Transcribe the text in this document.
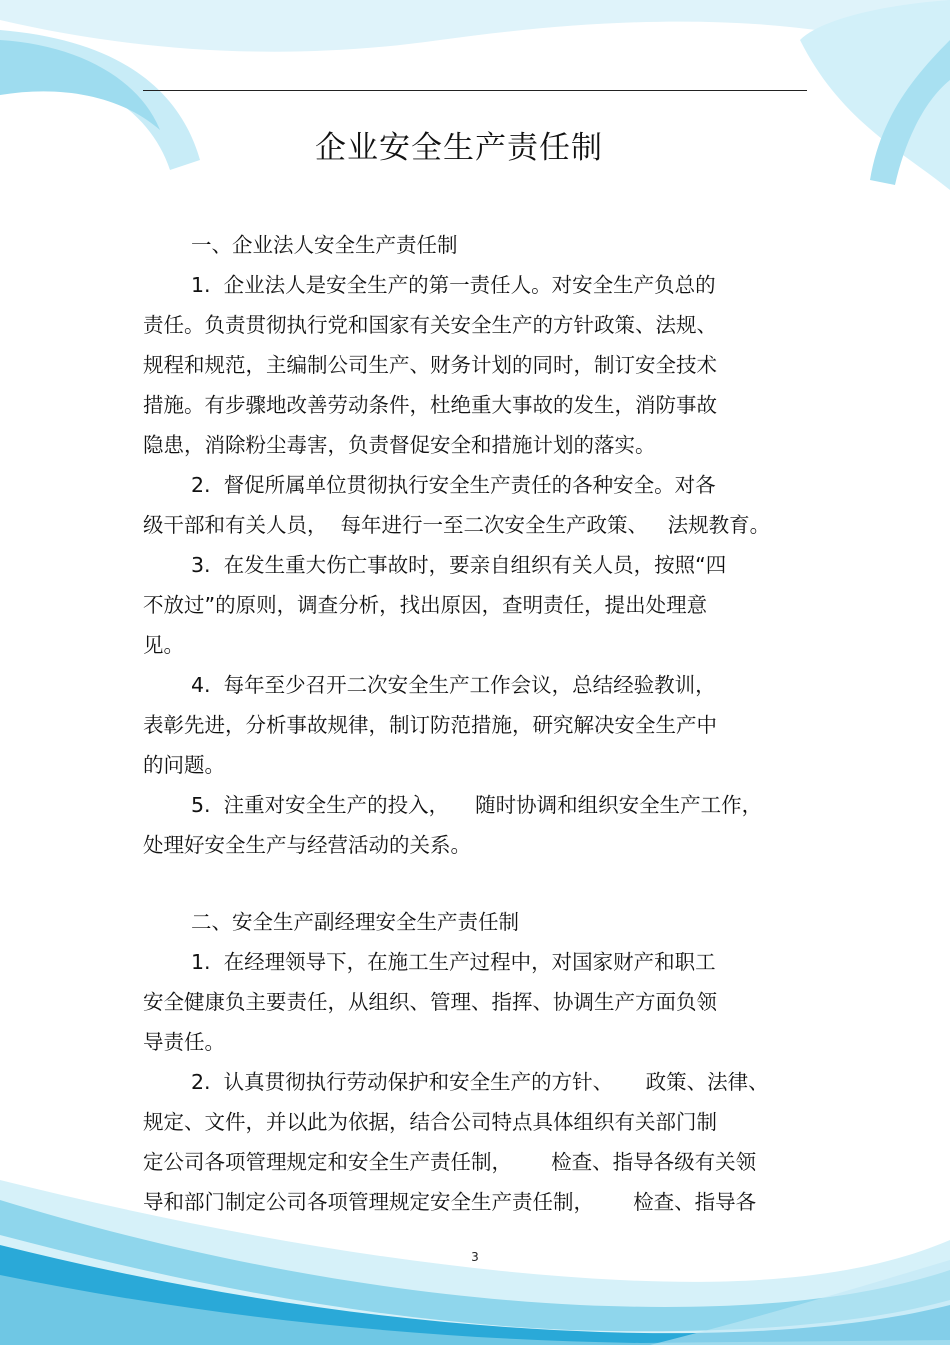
企业安全生产责任制
一、企业法人安全生产责任制
1.  企业法人是安全生产的第一责任人。对安全生产负总的
责任。负责贯彻执行党和国家有关安全生产的方针政策、法规、
规程和规范，主编制公司生产、财务计划的同时，制订安全技术
措施。有步骤地改善劳动条件，杜绝重大事故的发生，消防事故
隐患，消除粉尘毒害，负责督促安全和措施计划的落实。
2.  督促所属单位贯彻执行安全生产责任的各种安全。对各
级干部和有关人员，  每年进行一至二次安全生产政策、   法规教育。
3.  在发生重大伤亡事故时，要亲自组织有关人员，按照“四
不放过”的原则，调查分析，找出原因，查明责任，提出处理意
见。
4.  每年至少召开二次安全生产工作会议，总结经验教训，
表彰先进，分析事故规律，制订防范措施，研究解决安全生产中
的问题。
5.  注重对安全生产的投入，    随时协调和组织安全生产工作，
处理好安全生产与经营活动的关系。
二、安全生产副经理安全生产责任制
1.  在经理领导下，在施工生产过程中，对国家财产和职工
安全健康负主要责任，从组织、管理、指挥、协调生产方面负领
导责任。
2.  认真贯彻执行劳动保护和安全生产的方针、     政策、法律、
规定、文件，并以此为依据，结合公司特点具体组织有关部门制
定公司各项管理规定和安全生产责任制，      检查、指导各级有关领
导和部门制定公司各项管理规定安全生产责任制，      检查、指导各
3
